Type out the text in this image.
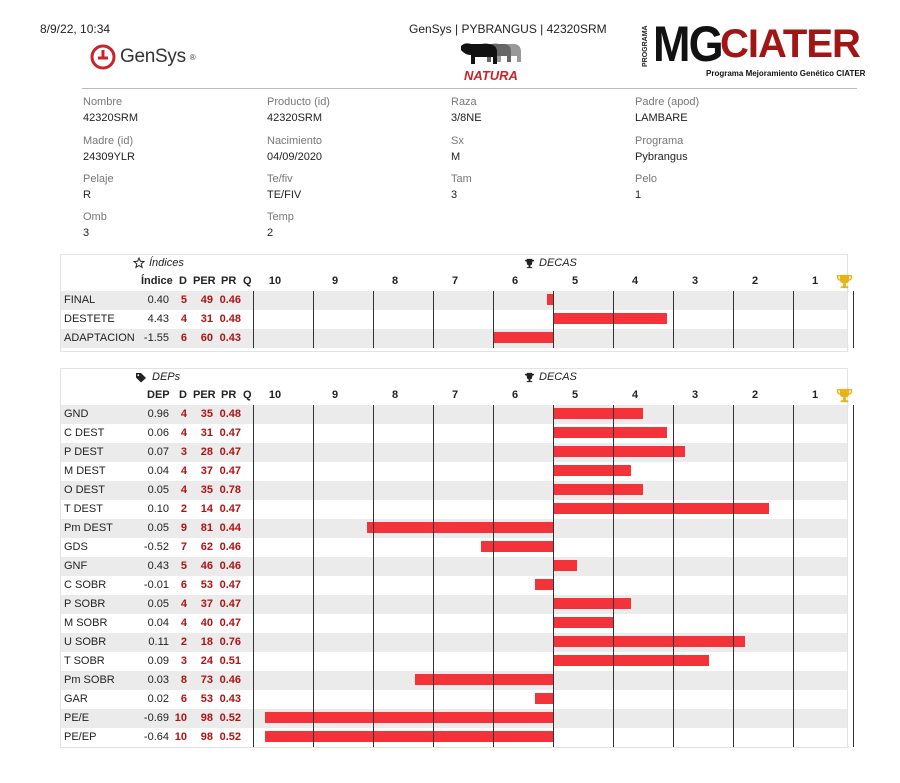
8/9/22, 10:34	GenSys | PYBRANGUS | 42320SRM
GenSys ®
NATURA
PROGRAMA MG
CIATER
Programa Mejoramiento Genético CIATER
Nombre
42320SRM
Producto (id)
42320SRM
Raza
3/8NE
Padre (apod)
LAMBARE
Madre (id)
24309YLR
Nacimiento
04/09/2020
Sx
M
Programa
Pybrangus
Pelaje
R
Te/fiv
TE/FIV
Tam
3
Pelo
1
Omb
3
Temp
2
Índices	DECAS
Índice D PER PR Q 10	9	8	7	6	5	4	3	2	1
FINAL	0.40	5	49 0.46
DESTETE	4.43	4	31 0.48
ADAPTACION -1.55	6	60 0.43
DEPs	DECAS
DEP D PER PR Q 10	9	8	7	6	5	4	3	2	1
GND	0.96	4	35 0.48
C DEST	0.06	4	31 0.47
P DEST	0.07	3	28 0.47
M DEST	0.04	4	37 0.47
O DEST	0.05	4	35 0.78
T DEST	0.10	2	14 0.47
Pm DEST	0.05	9	81 0.44
GDS	-0.52	7	62 0.46
GNF	0.43	5	46 0.46
C SOBR	-0.01	6	53 0.47
P SOBR	0.05	4	37 0.47
M SOBR	0.04	4	40 0.47
U SOBR	0.11	2	18 0.76
T SOBR	0.09	3	24 0.51
Pm SOBR	0.03	8	73 0.46
GAR	0.02	6	53 0.43
PE/E	-0.69 10	98 0.52
PE/EP	-0.64 10	98 0.52
